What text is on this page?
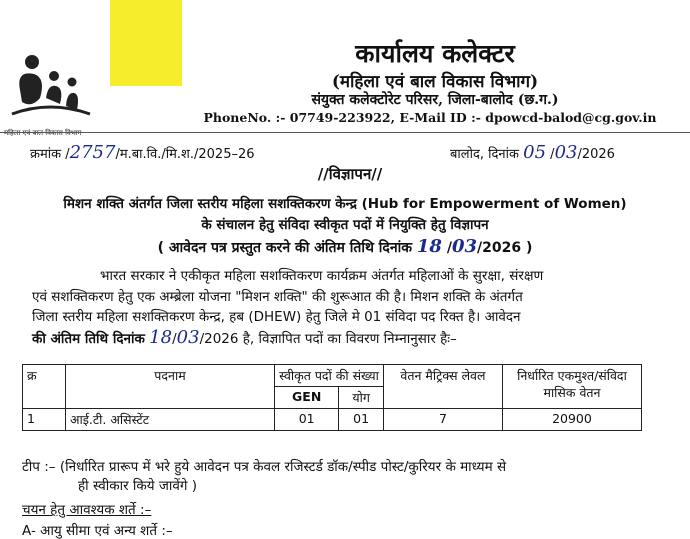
महिला एवं बाल विकास विभाग
कार्यालय कलेक्टर
(महिला एवं बाल विकास विभाग)
संयुक्त कलेक्टोरेट परिसर, जिला-बालोद (छ.ग.)
PhoneNo. :- 07749-223922, E-Mail ID :- dpowcd-balod@cg.gov.in
क्रमांक /2757/म.बा.वि./मि.श./2025–26	बालोद, दिनांक 05 /03/2026
//विज्ञापन//
मिशन शक्ति अंतर्गत जिला स्तरीय महिला सशक्तिकरण केन्द्र (Hub for Empowerment of Women)
के संचालन हेतु संविदा स्वीकृत पदों में नियुक्ति हेतु विज्ञापन
( आवेदन पत्र प्रस्तुत करने की अंतिम तिथि दिनांक 18 /03/2026 )
भारत सरकार ने एकीकृत महिला सशक्तिकरण कार्यक्रम अंतर्गत महिलाओं के सुरक्षा, संरक्षण
एवं सशक्तिकरण हेतु एक अम्ब्रेला योजना "मिशन शक्ति" की शुरूआत की है। मिशन शक्ति के अंतर्गत
जिला स्तरीय महिला सशक्तिकरण केन्द्र, हब (DHEW) हेतु जिले मे 01 संविदा पद रिक्त है। आवेदन
की अंतिम तिथि दिनांक 18/03/2026 है, विज्ञापित पदों का विवरण निम्नानुसार हैः–
क्र	पदनाम	स्वीकृत पदों की संख्या		वेतन मैट्रिक्स लेवल	निर्धारित एकमुश्त/संविदा मासिक वेतन
		GEN	योग		
1	आई.टी. असिस्टेंट	01	01	7	20900
टीप :– (निर्धारित प्रारूप में भरे हुये आवेदन पत्र केवल रजिस्टर्ड डॉक/स्पीड पोस्ट/कुरियर के माध्यम से
ही स्वीकार किये जावेंगे )
चयन हेतु आवश्यक शर्ते :–
A- आयु सीमा एवं अन्य शर्ते :–
